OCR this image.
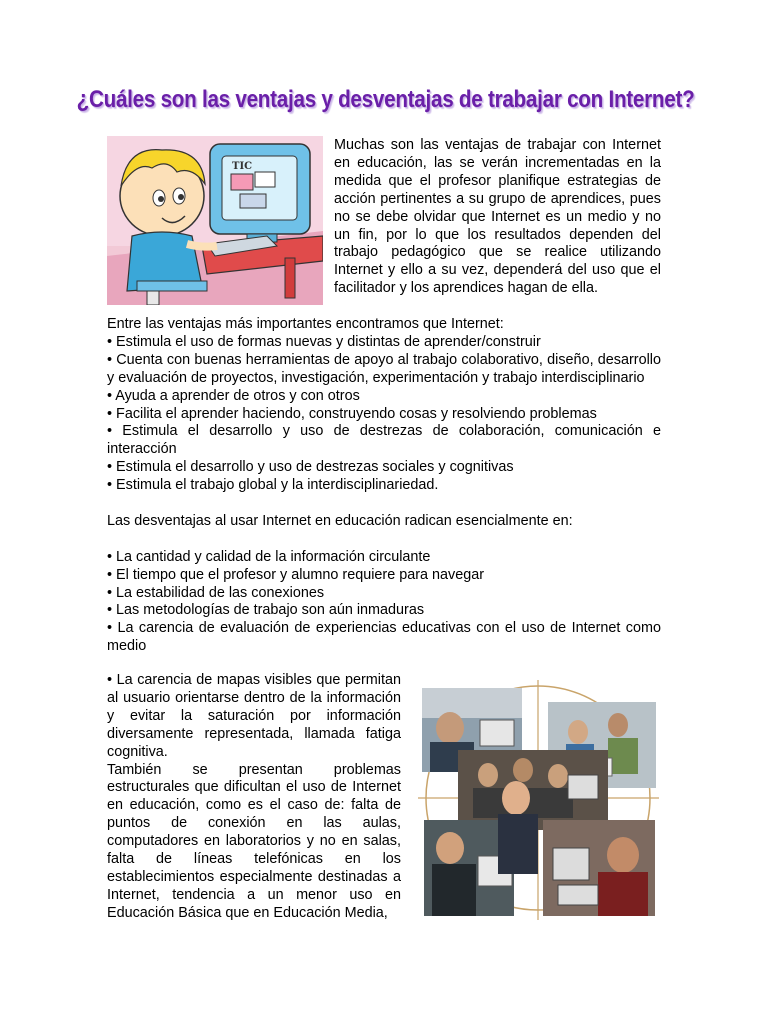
¿Cuáles son las ventajas y desventajas de trabajar con Internet?
TIC
Muchas son las ventajas de trabajar con Internet en educación, las se verán incrementadas en la medida que el profesor planifique estrategias de acción pertinentes a su grupo de aprendices, pues no se debe olvidar que Internet es un medio y no un fin, por lo que los resultados dependen del trabajo pedagógico que se realice utilizando Internet y ello a su vez, dependerá del uso que el facilitador y los aprendices hagan de ella.
Entre las ventajas más importantes encontramos que Internet:
• Estimula el uso de formas nuevas y distintas de aprender/construir
• Cuenta con buenas herramientas de apoyo al trabajo colaborativo, diseño, desarrollo y evaluación de proyectos, investigación, experimentación y trabajo interdisciplinario
• Ayuda a aprender de otros y con otros
• Facilita el aprender haciendo, construyendo cosas y resolviendo problemas
• Estimula el desarrollo y uso de destrezas de colaboración, comunicación e interacción
• Estimula el desarrollo y uso de destrezas sociales y cognitivas
• Estimula el trabajo global y la interdisciplinariedad.
Las desventajas al usar Internet en educación radican esencialmente en:
• La cantidad y calidad de la información circulante
• El tiempo que el profesor y alumno requiere para navegar
• La estabilidad de las conexiones
• Las metodologías de trabajo son aún inmaduras
• La carencia de evaluación de experiencias educativas con el uso de Internet como medio
• La carencia de mapas visibles que permitan al usuario orientarse dentro de la información y evitar la saturación por información diversamente representada, llamada fatiga cognitiva.
También se presentan problemas estructurales que dificultan el uso de Internet en educación, como es el caso de: falta de puntos de conexión en las aulas, computadores en laboratorios y no en salas, falta de líneas telefónicas en los establecimientos especialmente destinadas a Internet, tendencia a un menor uso en Educación Básica que en Educación Media,
